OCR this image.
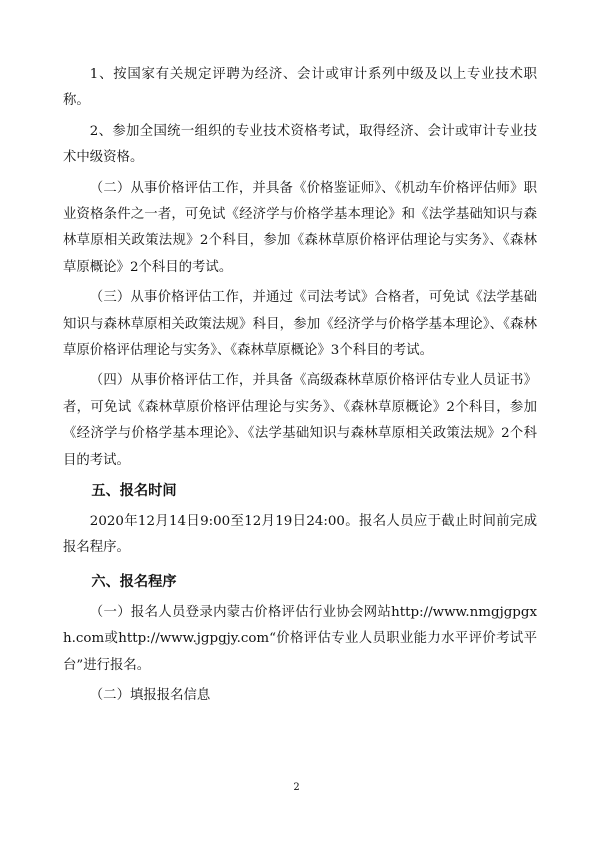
1、按国家有关规定评聘为经济、会计或审计系列中级及以上专业技术职称。

2、参加全国统一组织的专业技术资格考试，取得经济、会计或审计专业技术中级资格。

（二）从事价格评估工作，并具备《价格鉴证师》、《机动车价格评估师》职业资格条件之一者，可免试《经济学与价格学基本理论》和《法学基础知识与森林草原相关政策法规》2个科目，参加《森林草原价格评估理论与实务》、《森林草原概论》2个科目的考试。

（三）从事价格评估工作，并通过《司法考试》合格者，可免试《法学基础知识与森林草原相关政策法规》科目，参加《经济学与价格学基本理论》、《森林草原价格评估理论与实务》、《森林草原概论》3个科目的考试。

（四）从事价格评估工作，并具备《高级森林草原价格评估专业人员证书》者，可免试《森林草原价格评估理论与实务》、《森林草原概论》2个科目，参加《经济学与价格学基本理论》、《法学基础知识与森林草原相关政策法规》2个科目的考试。

五、报名时间

2020年12月14日9:00至12月19日24:00。报名人员应于截止时间前完成报名程序。

六、报名程序

（一）报名人员登录内蒙古价格评估行业协会网站http://www.nmgjgpgxh.com或http://www.jgpgjy.com“价格评估专业人员职业能力水平评价考试平台”进行报名。

（二）填报报名信息

2
